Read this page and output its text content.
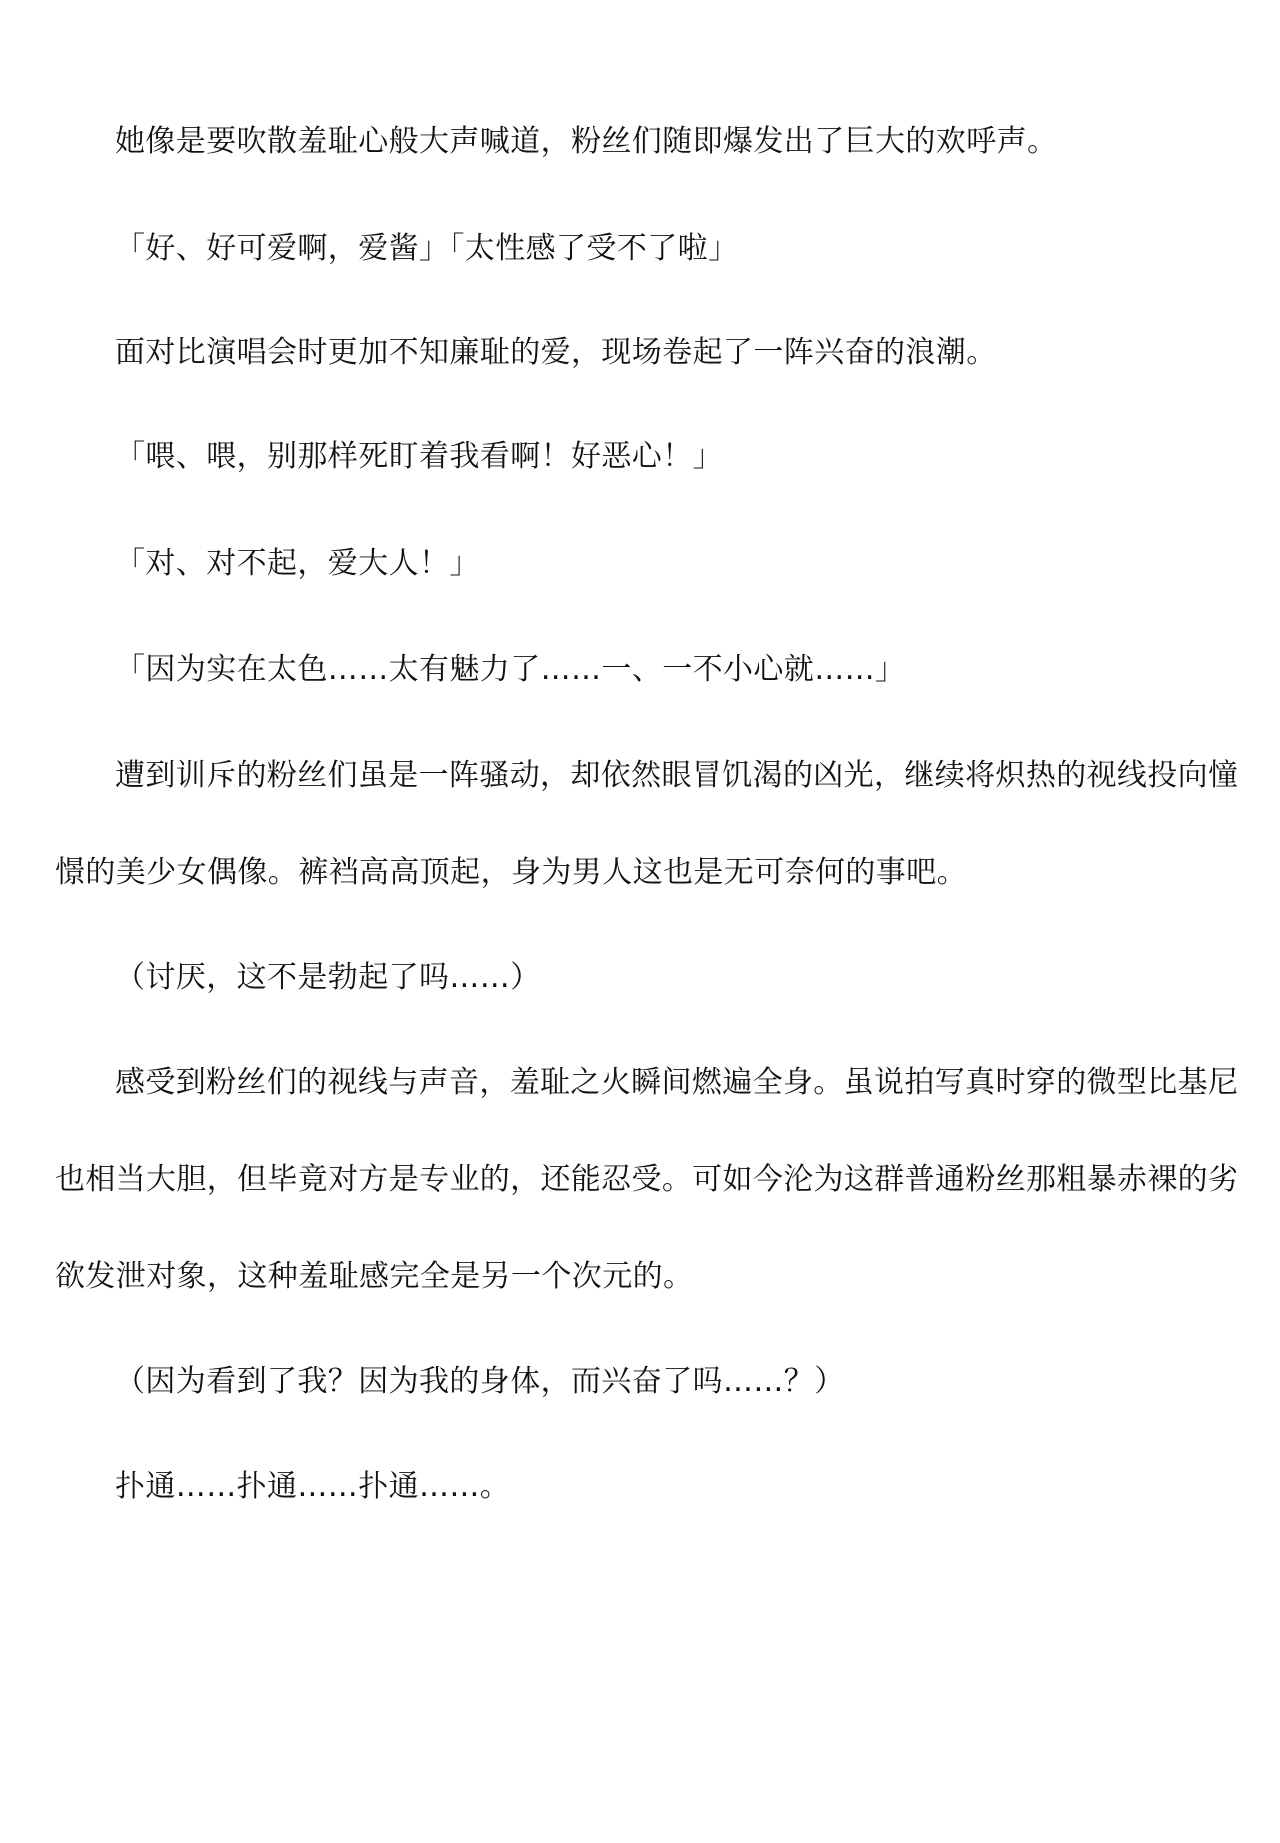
她像是要吹散羞耻心般大声喊道，粉丝们随即爆发出了巨大的欢呼声。
「好、好可爱啊，爱酱」「太性感了受不了啦」
面对比演唱会时更加不知廉耻的爱，现场卷起了一阵兴奋的浪潮。
「喂、喂，别那样死盯着我看啊！好恶心！」
「对、对不起，爱大人！」
「因为实在太色……太有魅力了……一、一不小心就……」
遭到训斥的粉丝们虽是一阵骚动，却依然眼冒饥渴的凶光，继续将炽热的视线投向憧
憬的美少女偶像。裤裆高高顶起，身为男人这也是无可奈何的事吧。
（讨厌，这不是勃起了吗……）
感受到粉丝们的视线与声音，羞耻之火瞬间燃遍全身。虽说拍写真时穿的微型比基尼
也相当大胆，但毕竟对方是专业的，还能忍受。可如今沦为这群普通粉丝那粗暴赤裸的劣
欲发泄对象，这种羞耻感完全是另一个次元的。
（因为看到了我？因为我的身体，而兴奋了吗……？）
扑通……扑通……扑通……。
